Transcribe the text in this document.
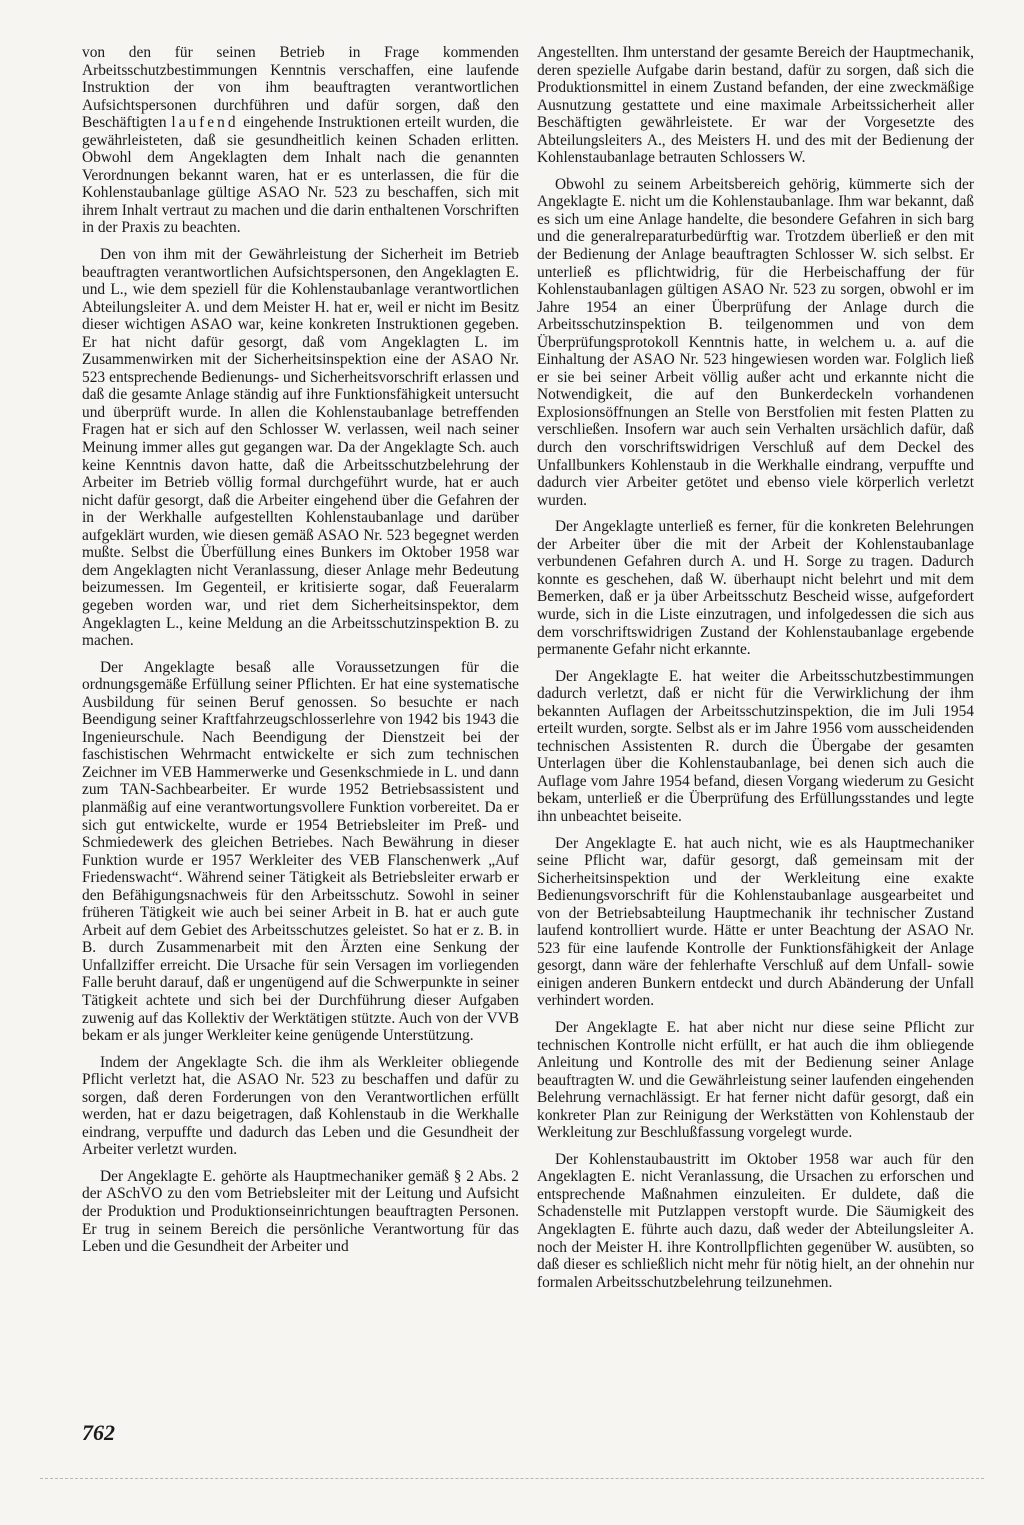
von den für seinen Betrieb in Frage kommenden Arbeitsschutzbestimmungen Kenntnis verschaffen, eine laufende Instruktion der von ihm beauftragten verantwortlichen Aufsichtspersonen durchführen und dafür sorgen, daß den Beschäftigten laufend eingehende Instruktionen erteilt wurden, die gewährleisteten, daß sie gesundheitlich keinen Schaden erlitten. Obwohl dem Angeklagten dem Inhalt nach die genannten Verordnungen bekannt waren, hat er es unterlassen, die für die Kohlenstaubanlage gültige ASAO Nr. 523 zu beschaffen, sich mit ihrem Inhalt vertraut zu machen und die darin enthaltenen Vorschriften in der Praxis zu beachten.

Den von ihm mit der Gewährleistung der Sicherheit im Betrieb beauftragten verantwortlichen Aufsichtspersonen, den Angeklagten E. und L., wie dem speziell für die Kohlenstaubanlage verantwortlichen Abteilungsleiter A. und dem Meister H. hat er, weil er nicht im Besitz dieser wichtigen ASAO war, keine konkreten Instruktionen gegeben. Er hat nicht dafür gesorgt, daß vom Angeklagten L. im Zusammenwirken mit der Sicherheitsinspektion eine der ASAO Nr. 523 entsprechende Bedienungs- und Sicherheitsvorschrift erlassen und daß die gesamte Anlage ständig auf ihre Funktionsfähigkeit untersucht und überprüft wurde. In allen die Kohlenstaubanlage betreffenden Fragen hat er sich auf den Schlosser W. verlassen, weil nach seiner Meinung immer alles gut gegangen war. Da der Angeklagte Sch. auch keine Kenntnis davon hatte, daß die Arbeitsschutzbelehrung der Arbeiter im Betrieb völlig formal durchgeführt wurde, hat er auch nicht dafür gesorgt, daß die Arbeiter eingehend über die Gefahren der in der Werkhalle aufgestellten Kohlenstaubanlage und darüber aufgeklärt wurden, wie diesen gemäß ASAO Nr. 523 begegnet werden mußte. Selbst die Überfüllung eines Bunkers im Oktober 1958 war dem Angeklagten nicht Veranlassung, dieser Anlage mehr Bedeutung beizumessen. Im Gegenteil, er kritisierte sogar, daß Feueralarm gegeben worden war, und riet dem Sicherheitsinspektor, dem Angeklagten L., keine Meldung an die Arbeitsschutzinspektion B. zu machen.

Der Angeklagte besaß alle Voraussetzungen für die ordnungsgemäße Erfüllung seiner Pflichten. Er hat eine systematische Ausbildung für seinen Beruf genossen. So besuchte er nach Beendigung seiner Kraftfahrzeugschlosserlehre von 1942 bis 1943 die Ingenieurschule. Nach Beendigung der Dienstzeit bei der faschistischen Wehrmacht entwickelte er sich zum technischen Zeichner im VEB Hammerwerke und Gesenkschmiede in L. und dann zum TAN-Sachbearbeiter. Er wurde 1952 Betriebsassistent und planmäßig auf eine verantwortungsvollere Funktion vorbereitet. Da er sich gut entwickelte, wurde er 1954 Betriebsleiter im Preß- und Schmiedewerk des gleichen Betriebes. Nach Bewährung in dieser Funktion wurde er 1957 Werkleiter des VEB Flanschenwerk „Auf Friedenswacht“. Während seiner Tätigkeit als Betriebsleiter erwarb er den Befähigungsnachweis für den Arbeitsschutz. Sowohl in seiner früheren Tätigkeit wie auch bei seiner Arbeit in B. hat er auch gute Arbeit auf dem Gebiet des Arbeitsschutzes geleistet. So hat er z. B. in B. durch Zusammenarbeit mit den Ärzten eine Senkung der Unfallziffer erreicht. Die Ursache für sein Versagen im vorliegenden Falle beruht darauf, daß er ungenügend auf die Schwerpunkte in seiner Tätigkeit achtete und sich bei der Durchführung dieser Aufgaben zuwenig auf das Kollektiv der Werktätigen stützte. Auch von der VVB bekam er als junger Werkleiter keine genügende Unterstützung.

Indem der Angeklagte Sch. die ihm als Werkleiter obliegende Pflicht verletzt hat, die ASAO Nr. 523 zu beschaffen und dafür zu sorgen, daß deren Forderungen von den Verantwortlichen erfüllt werden, hat er dazu beigetragen, daß Kohlenstaub in die Werkhalle eindrang, verpuffte und dadurch das Leben und die Gesundheit der Arbeiter verletzt wurden.

Der Angeklagte E. gehörte als Hauptmechaniker gemäß § 2 Abs. 2 der ASchVO zu den vom Betriebsleiter mit der Leitung und Aufsicht der Produktion und Produktionseinrichtungen beauftragten Personen. Er trug in seinem Bereich die persönliche Verantwortung für das Leben und die Gesundheit der Arbeiter und

Angestellten. Ihm unterstand der gesamte Bereich der Hauptmechanik, deren spezielle Aufgabe darin bestand, dafür zu sorgen, daß sich die Produktionsmittel in einem Zustand befanden, der eine zweckmäßige Ausnutzung gestattete und eine maximale Arbeitssicherheit aller Beschäftigten gewährleistete. Er war der Vorgesetzte des Abteilungsleiters A., des Meisters H. und des mit der Bedienung der Kohlenstaubanlage betrauten Schlossers W.

Obwohl zu seinem Arbeitsbereich gehörig, kümmerte sich der Angeklagte E. nicht um die Kohlenstaubanlage. Ihm war bekannt, daß es sich um eine Anlage handelte, die besondere Gefahren in sich barg und die generalreparaturbedürftig war. Trotzdem überließ er den mit der Bedienung der Anlage beauftragten Schlosser W. sich selbst. Er unterließ es pflichtwidrig, für die Herbeischaffung der für Kohlenstaubanlagen gültigen ASAO Nr. 523 zu sorgen, obwohl er im Jahre 1954 an einer Überprüfung der Anlage durch die Arbeitsschutzinspektion B. teilgenommen und von dem Überprüfungsprotokoll Kenntnis hatte, in welchem u. a. auf die Einhaltung der ASAO Nr. 523 hingewiesen worden war. Folglich ließ er sie bei seiner Arbeit völlig außer acht und erkannte nicht die Notwendigkeit, die auf den Bunkerdeckeln vorhandenen Explosionsöffnungen an Stelle von Berstfolien mit festen Platten zu verschließen. Insofern war auch sein Verhalten ursächlich dafür, daß durch den vorschriftswidrigen Verschluß auf dem Deckel des Unfallbunkers Kohlenstaub in die Werkhalle eindrang, verpuffte und dadurch vier Arbeiter getötet und ebenso viele körperlich verletzt wurden.

Der Angeklagte unterließ es ferner, für die konkreten Belehrungen der Arbeiter über die mit der Arbeit der Kohlenstaubanlage verbundenen Gefahren durch A. und H. Sorge zu tragen. Dadurch konnte es geschehen, daß W. überhaupt nicht belehrt und mit dem Bemerken, daß er ja über Arbeitsschutz Bescheid wisse, aufgefordert wurde, sich in die Liste einzutragen, und infolgedessen die sich aus dem vorschriftswidrigen Zustand der Kohlenstaubanlage ergebende permanente Gefahr nicht erkannte.

Der Angeklagte E. hat weiter die Arbeitsschutzbestimmungen dadurch verletzt, daß er nicht für die Verwirklichung der ihm bekannten Auflagen der Arbeitsschutzinspektion, die im Juli 1954 erteilt wurden, sorgte. Selbst als er im Jahre 1956 vom ausscheidenden technischen Assistenten R. durch die Übergabe der gesamten Unterlagen über die Kohlenstaubanlage, bei denen sich auch die Auflage vom Jahre 1954 befand, diesen Vorgang wiederum zu Gesicht bekam, unterließ er die Überprüfung des Erfüllungsstandes und legte ihn unbeachtet beiseite.

Der Angeklagte E. hat auch nicht, wie es als Hauptmechaniker seine Pflicht war, dafür gesorgt, daß gemeinsam mit der Sicherheitsinspektion und der Werkleitung eine exakte Bedienungsvorschrift für die Kohlenstaubanlage ausgearbeitet und von der Betriebsabteilung Hauptmechanik ihr technischer Zustand laufend kontrolliert wurde. Hätte er unter Beachtung der ASAO Nr. 523 für eine laufende Kontrolle der Funktionsfähigkeit der Anlage gesorgt, dann wäre der fehlerhafte Verschluß auf dem Unfall- sowie einigen anderen Bunkern entdeckt und durch Abänderung der Unfall verhindert worden.

Der Angeklagte E. hat aber nicht nur diese seine Pflicht zur technischen Kontrolle nicht erfüllt, er hat auch die ihm obliegende Anleitung und Kontrolle des mit der Bedienung seiner Anlage beauftragten W. und die Gewährleistung seiner laufenden eingehenden Belehrung vernachlässigt. Er hat ferner nicht dafür gesorgt, daß ein konkreter Plan zur Reinigung der Werkstätten von Kohlenstaub der Werkleitung zur Beschlußfassung vorgelegt wurde.

Der Kohlenstaubaustritt im Oktober 1958 war auch für den Angeklagten E. nicht Veranlassung, die Ursachen zu erforschen und entsprechende Maßnahmen einzuleiten. Er duldete, daß die Schadenstelle mit Putzlappen verstopft wurde. Die Säumigkeit des Angeklagten E. führte auch dazu, daß weder der Abteilungsleiter A. noch der Meister H. ihre Kontrollpflichten gegenüber W. ausübten, so daß dieser es schließlich nicht mehr für nötig hielt, an der ohnehin nur formalen Arbeitsschutzbelehrung teilzunehmen.

762
